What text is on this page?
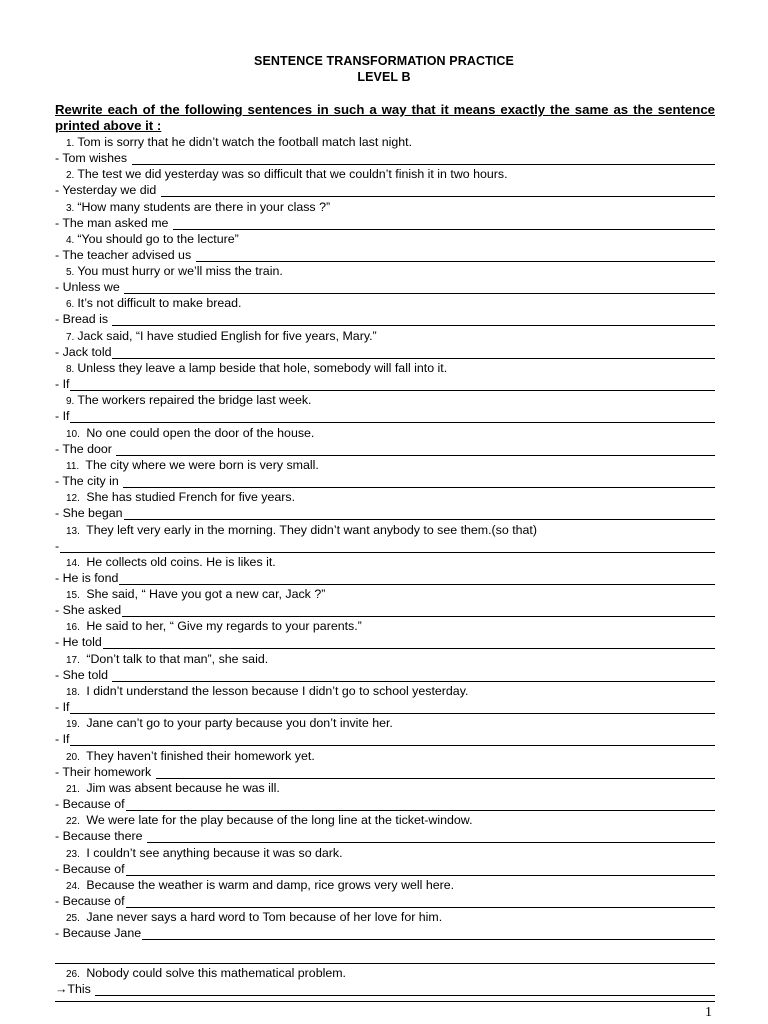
SENTENCE TRANSFORMATION PRACTICE
LEVEL B
Rewrite each of the following sentences in such a way that it means exactly the same as the sentence printed above it :
1. Tom is sorry that he didn’t watch the football match last night.
- Tom wishes
2. The test we did yesterday was so difficult that we couldn’t finish it in two hours.
- Yesterday we did
3. “How many students are there in your class ?”
- The man asked me
4. “You should go to the lecture”
- The teacher advised us
5. You must hurry or we’ll miss the train.
- Unless we
6. It’s not difficult to make bread.
- Bread is
7. Jack said, “I have studied English for five years, Mary.”
- Jack told
8. Unless they leave a lamp beside that hole, somebody will fall into it.
- If
9. The workers repaired the bridge last week.
- If
10. No one could open the door of the house.
- The door
11. The city where we were born is very small.
- The city in
12. She has studied French for five years.
- She began
13. They left very early in the morning. They didn’t want anybody to see them.(so that)
-
14. He collects old coins. He is likes it.
- He is fond
15. She said, “ Have you got a new car, Jack ?”
- She asked
16. He said to her, “ Give my regards to your parents.”
- He told
17. “Don’t talk to that man”, she said.
- She told
18. I didn’t understand the lesson because I didn’t go to school yesterday.
- If
19. Jane can’t go to your party because you don’t invite her.
- If
20. They haven’t finished their homework yet.
- Their homework
21. Jim was absent because he was ill.
- Because of
22. We were late for the play because of the long line at the ticket-window.
- Because there
23. I couldn’t see anything because it was so dark.
- Because of
24. Because the weather is warm and damp, rice grows very well here.
- Because of
25. Jane never says a hard word to Tom because of her love for him.
- Because Jane
26. Nobody could solve this mathematical problem.
→This
1
